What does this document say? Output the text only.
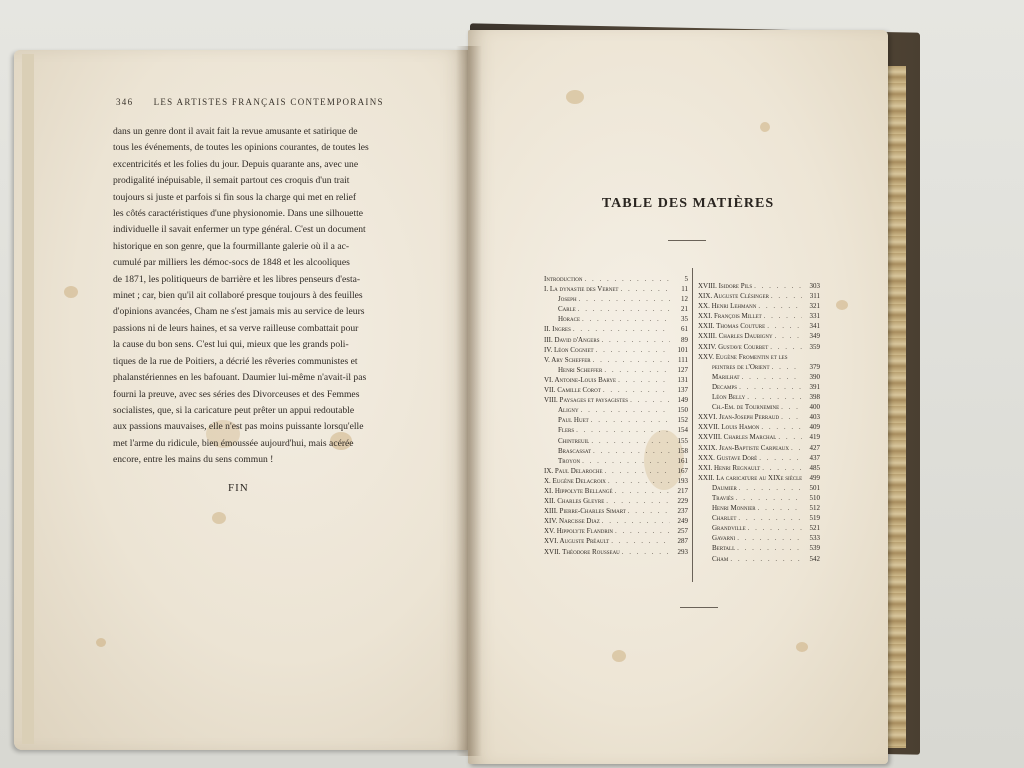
346 LES ARTISTES FRANÇAIS CONTEMPORAINS
dans un genre dont il avait fait la revue amusante et satirique de
tous les événements, de toutes les opinions courantes, de toutes les
excentricités et les folies du jour. Depuis quarante ans, avec une
prodigalité inépuisable, il semait partout ces croquis d'un trait
toujours si juste et parfois si fin sous la charge qui met en relief
les côtés caractéristiques d'une physionomie. Dans une silhouette
individuelle il savait enfermer un type général. C'est un document
historique en son genre, que la fourmillante galerie où il a ac-
cumulé par milliers les démoc-socs de 1848 et les alcooliques
de 1871, les politiqueurs de barrière et les libres penseurs d'esta-
minet ; car, bien qu'il ait collaboré presque toujours à des feuilles
d'opinions avancées, Cham ne s'est jamais mis au service de leurs
passions ni de leurs haines, et sa verve railleuse combattait pour
la cause du bon sens. C'est lui qui, mieux que les grands poli-
tiques de la rue de Poitiers, a décrié les rêveries communistes et
phalanstériennes en les bafouant. Daumier lui-même n'avait-il pas
fourni la preuve, avec ses séries des Divorceuses et des Femmes
socialistes, que, si la caricature peut prêter un appui redoutable
aux passions mauvaises, elle n'est pas moins puissante lorsqu'elle
met l'arme du ridicule, bien émoussée aujourd'hui, mais acérée
encore, entre les mains du sens commun !
FIN
TABLE DES MATIÈRES
Introduction . . .	5
I. La dynastie des Vernet . . .	11
Joseph . . .	12
Carle . . .	21
Horace . . .	35
II. Ingres . . .	61
III. David d'Angers . . .	89
IV. Léon Cogniet . . .	101
V. Ary Scheffer . . .	111
Henri Scheffer . . .	127
VI. Antoine-Louis Barye . . .	131
VII. Camille Corot . . .	137
VIII. Paysages et paysagistes . . .	149
Aligny . . .	150
Paul Huet . . .	152
Flers . . .	154
Chintreuil . . .	155
Brascassat . . .	158
Troyon . . .	161
IX. Paul Delaroche . . .	167
X. Eugène Delacroix . . .	193
XI. Hippolyte Bellangé . . .	217
XII. Charles Gleyre . . .	229
XIII. Pierre-Charles Simart . . .	237
XIV. Narcisse Diaz . . .	249
XV. Hippolyte Flandrin . . .	257
XVI. Auguste Préault . . .	287
XVII. Théodore Rousseau . . .	293
XVIII. Isidore Pils . . .	303
XIX. Auguste Clésinger . . .	311
XX. Henri Lehmann . . .	321
XXI. François Millet . . .	331
XXII. Thomas Couture . . .	341
XXIII. Charles Daubigny . . .	349
XXIV. Gustave Courbet . . .	359
XXV. Eugène Fromentin et les
peintres de l'Orient . . .	379
Marilhat . . .	390
Decamps . . .	391
Léon Belly . . .	398
Ch.-Em. de Tournemine . . .	400
XXVI. Jean-Joseph Perraud . . .	403
XXVII. Louis Hamon . . .	409
XXVIII. Charles Marchal . . .	419
XXIX. Jean-Baptiste Carpeaux . . .	427
XXX. Gustave Doré . . .	437
XXI. Henri Regnault . . .	485
XXII. La caricature au XIXe siècle	499
Daumier . . .	501
Traviès . . .	510
Henri Monnier . . .	512
Charlet . . .	519
Grandville . . .	521
Gavarni . . .	533
Bertall . . .	539
Cham . . .	542
